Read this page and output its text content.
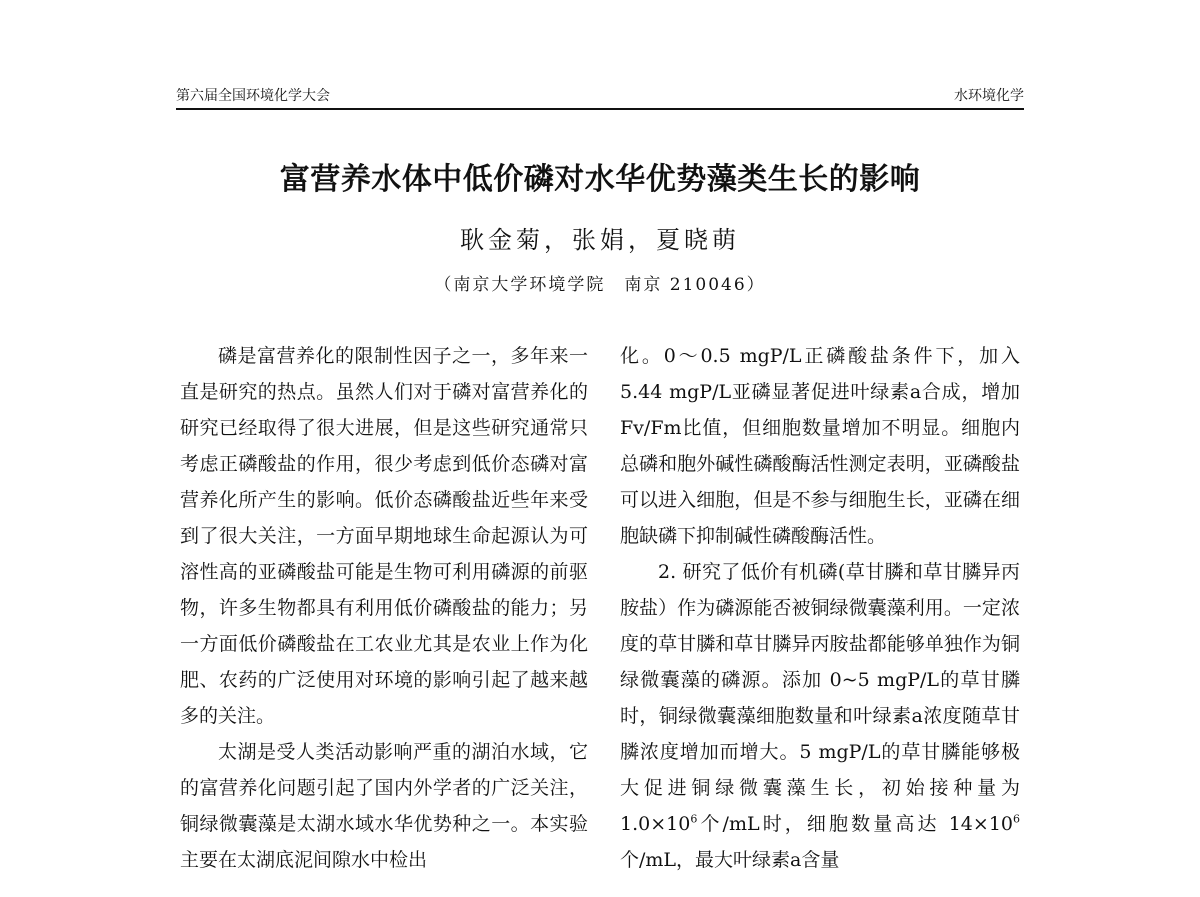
第六届全国环境化学大会	水环境化学
富营养水体中低价磷对水华优势藻类生长的影响
耿金菊，张娟，夏晓萌
（南京大学环境学院　南京 210046）

磷是富营养化的限制性因子之一，多年来一直是研究的热点。虽然人们对于磷对富营养化的研究已经取得了很大进展，但是这些研究通常只考虑正磷酸盐的作用，很少考虑到低价态磷对富营养化所产生的影响。低价态磷酸盐近些年来受到了很大关注，一方面早期地球生命起源认为可溶性高的亚磷酸盐可能是生物可利用磷源的前驱物，许多生物都具有利用低价磷酸盐的能力；另一方面低价磷酸盐在工农业尤其是农业上作为化肥、农药的广泛使用对环境的影响引起了越来越多的关注。

太湖是受人类活动影响严重的湖泊水域，它的富营养化问题引起了国内外学者的广泛关注，铜绿微囊藻是太湖水域水华优势种之一。本实验主要在太湖底泥间隙水中检出

化。0～0.5 mgP/L正磷酸盐条件下，加入 5.44 mgP/L亚磷显著促进叶绿素a合成，增加Fv/Fm比值，但细胞数量增加不明显。细胞内总磷和胞外碱性磷酸酶活性测定表明，亚磷酸盐可以进入细胞，但是不参与细胞生长，亚磷在细胞缺磷下抑制碱性磷酸酶活性。

2. 研究了低价有机磷(草甘膦和草甘膦异丙胺盐）作为磷源能否被铜绿微囊藻利用。一定浓度的草甘膦和草甘膦异丙胺盐都能够单独作为铜绿微囊藻的磷源。添加 0~5 mgP/L的草甘膦时，铜绿微囊藻细胞数量和叶绿素a浓度随草甘膦浓度增加而增大。5 mgP/L的草甘膦能够极大促进铜绿微囊藻生长，初始接种量为 $1.0\times 10^6$个/mL时，细胞数量高达 $14\times 10^6$个/mL，最大叶绿素a含量
